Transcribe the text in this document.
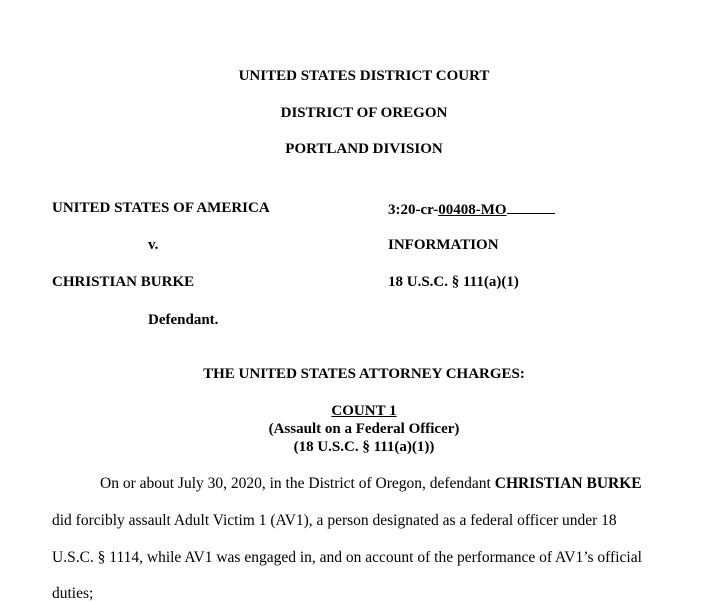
UNITED STATES DISTRICT COURT
DISTRICT OF OREGON
PORTLAND DIVISION
UNITED STATES OF AMERICA
v.
CHRISTIAN BURKE
Defendant.
3:20-cr-00408-MO
INFORMATION
18 U.S.C. § 111(a)(1)
THE UNITED STATES ATTORNEY CHARGES:
COUNT 1
(Assault on a Federal Officer)
(18 U.S.C. § 111(a)(1))
On or about July 30, 2020, in the District of Oregon, defendant CHRISTIAN BURKE
did forcibly assault Adult Victim 1 (AV1), a person designated as a federal officer under 18
U.S.C. § 1114, while AV1 was engaged in, and on account of the performance of AV1’s official
duties;
